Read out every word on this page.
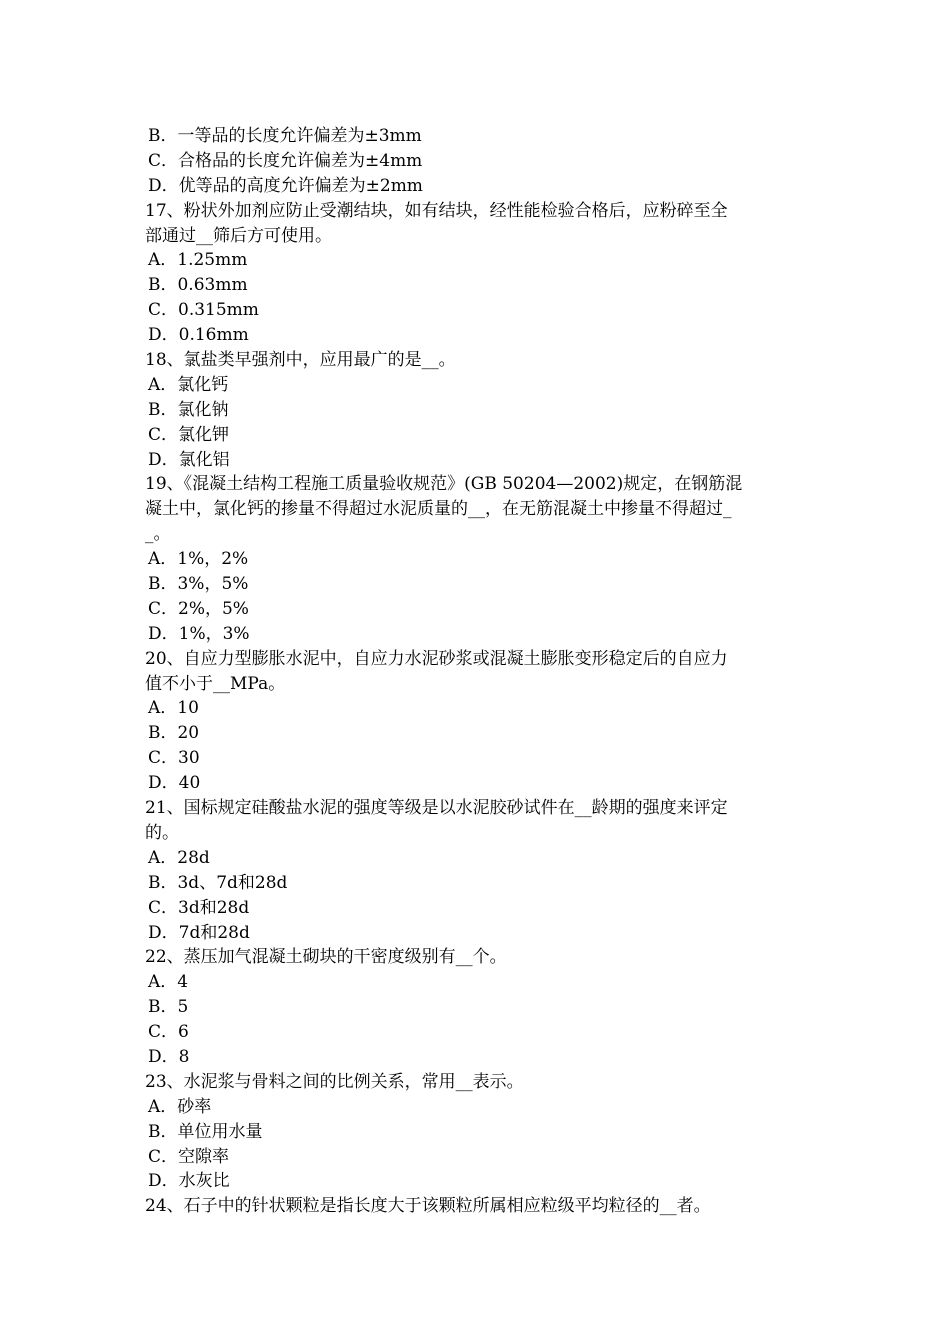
B．一等品的长度允许偏差为±3mm
C．合格品的长度允许偏差为±4mm
D．优等品的高度允许偏差为±2mm
17、粉状外加剂应防止受潮结块，如有结块，经性能检验合格后，应粉碎至全
部通过__筛后方可使用。
A．1.25mm
B．0.63mm
C．0.315mm
D．0.16mm
18、氯盐类早强剂中，应用最广的是__。
A．氯化钙
B．氯化钠
C．氯化钾
D．氯化铝
19、《混凝土结构工程施工质量验收规范》(GB 50204—2002)规定，在钢筋混
凝土中，氯化钙的掺量不得超过水泥质量的__，在无筋混凝土中掺量不得超过_
_。
A．1%，2%
B．3%，5%
C．2%，5%
D．1%，3%
20、自应力型膨胀水泥中，自应力水泥砂浆或混凝土膨胀变形稳定后的自应力
值不小于__MPa。
A．10
B．20
C．30
D．40
21、国标规定硅酸盐水泥的强度等级是以水泥胶砂试件在__龄期的强度来评定
的。
A．28d
B．3d、7d和28d
C．3d和28d
D．7d和28d
22、蒸压加气混凝土砌块的干密度级别有__个。
A．4
B．5
C．6
D．8
23、水泥浆与骨料之间的比例关系，常用__表示。
A．砂率
B．单位用水量
C．空隙率
D．水灰比
24、石子中的针状颗粒是指长度大于该颗粒所属相应粒级平均粒径的__者。
